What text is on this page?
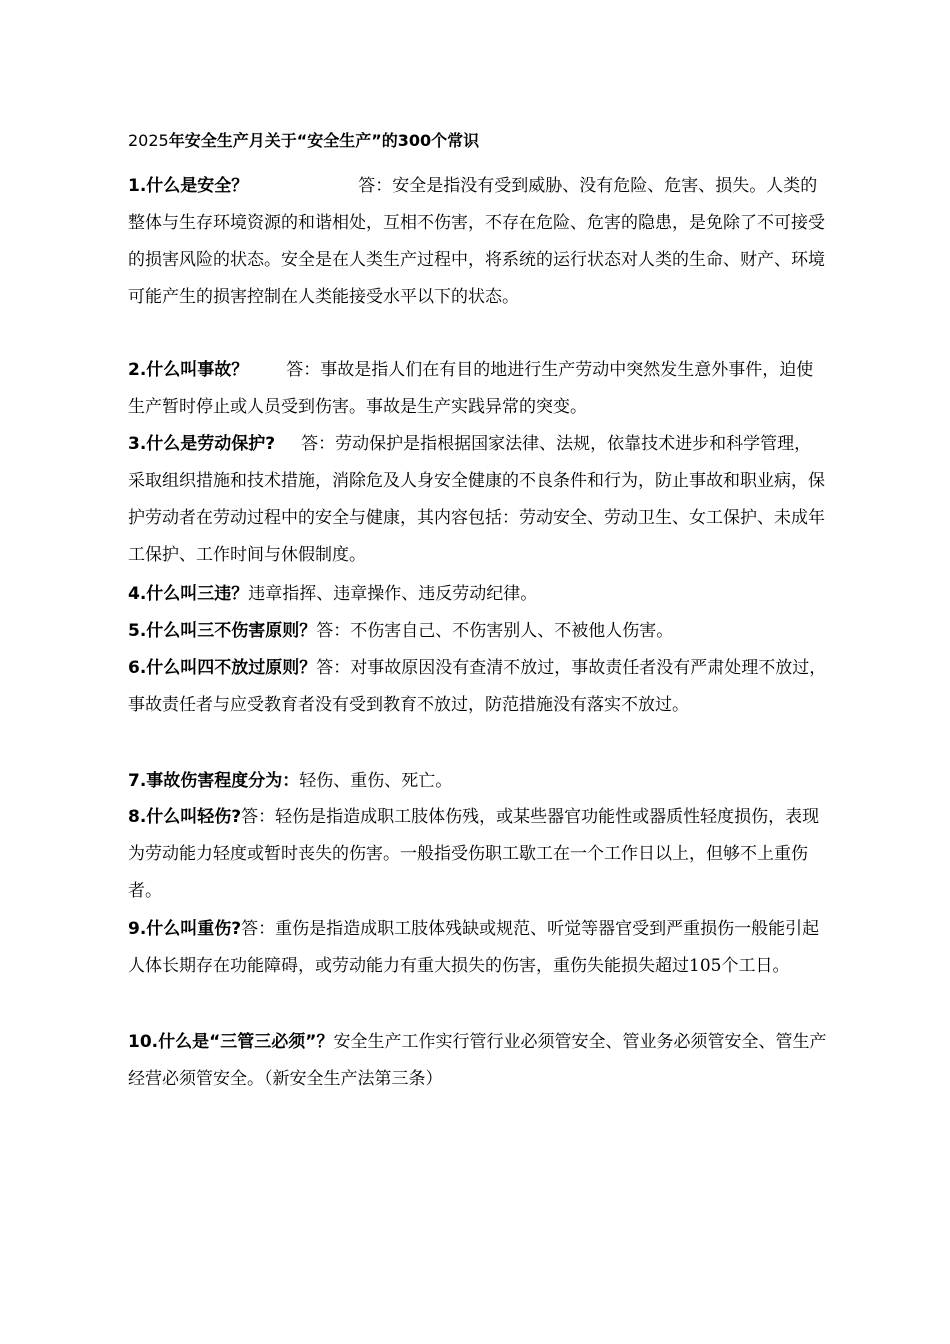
2025年安全生产月关于“安全生产”的300个常识

1.什么是安全？	答：安全是指没有受到威胁、没有危险、危害、损失。人类的整体与生存环境资源的和谐相处，互相不伤害，不存在危险、危害的隐患，是免除了不可接受的损害风险的状态。安全是在人类生产过程中，将系统的运行状态对人类的生命、财产、环境可能产生的损害控制在人类能接受水平以下的状态。

2.什么叫事故？ 答：事故是指人们在有目的地进行生产劳动中突然发生意外事件，迫使生产暂时停止或人员受到伤害。事故是生产实践异常的突变。

3.什么是劳动保护? 答：劳动保护是指根据国家法律、法规，依靠技术进步和科学管理，采取组织措施和技术措施，消除危及人身安全健康的不良条件和行为，防止事故和职业病，保护劳动者在劳动过程中的安全与健康，其内容包括：劳动安全、劳动卫生、女工保护、未成年工保护、工作时间与休假制度。

4.什么叫三违？违章指挥、违章操作、违反劳动纪律。

5.什么叫三不伤害原则？答：不伤害自己、不伤害别人、不被他人伤害。

6.什么叫四不放过原则？答：对事故原因没有查清不放过，事故责任者没有严肃处理不放过，事故责任者与应受教育者没有受到教育不放过，防范措施没有落实不放过。

7.事故伤害程度分为：轻伤、重伤、死亡。

8.什么叫轻伤?答：轻伤是指造成职工肢体伤残，或某些器官功能性或器质性轻度损伤，表现为劳动能力轻度或暂时丧失的伤害。一般指受伤职工歇工在一个工作日以上，但够不上重伤者。

9.什么叫重伤?答：重伤是指造成职工肢体残缺或规范、听觉等器官受到严重损伤一般能引起人体长期存在功能障碍，或劳动能力有重大损失的伤害，重伤失能损失超过105个工日。

10.什么是“三管三必须”？安全生产工作实行管行业必须管安全、管业务必须管安全、管生产经营必须管安全。（新安全生产法第三条）
